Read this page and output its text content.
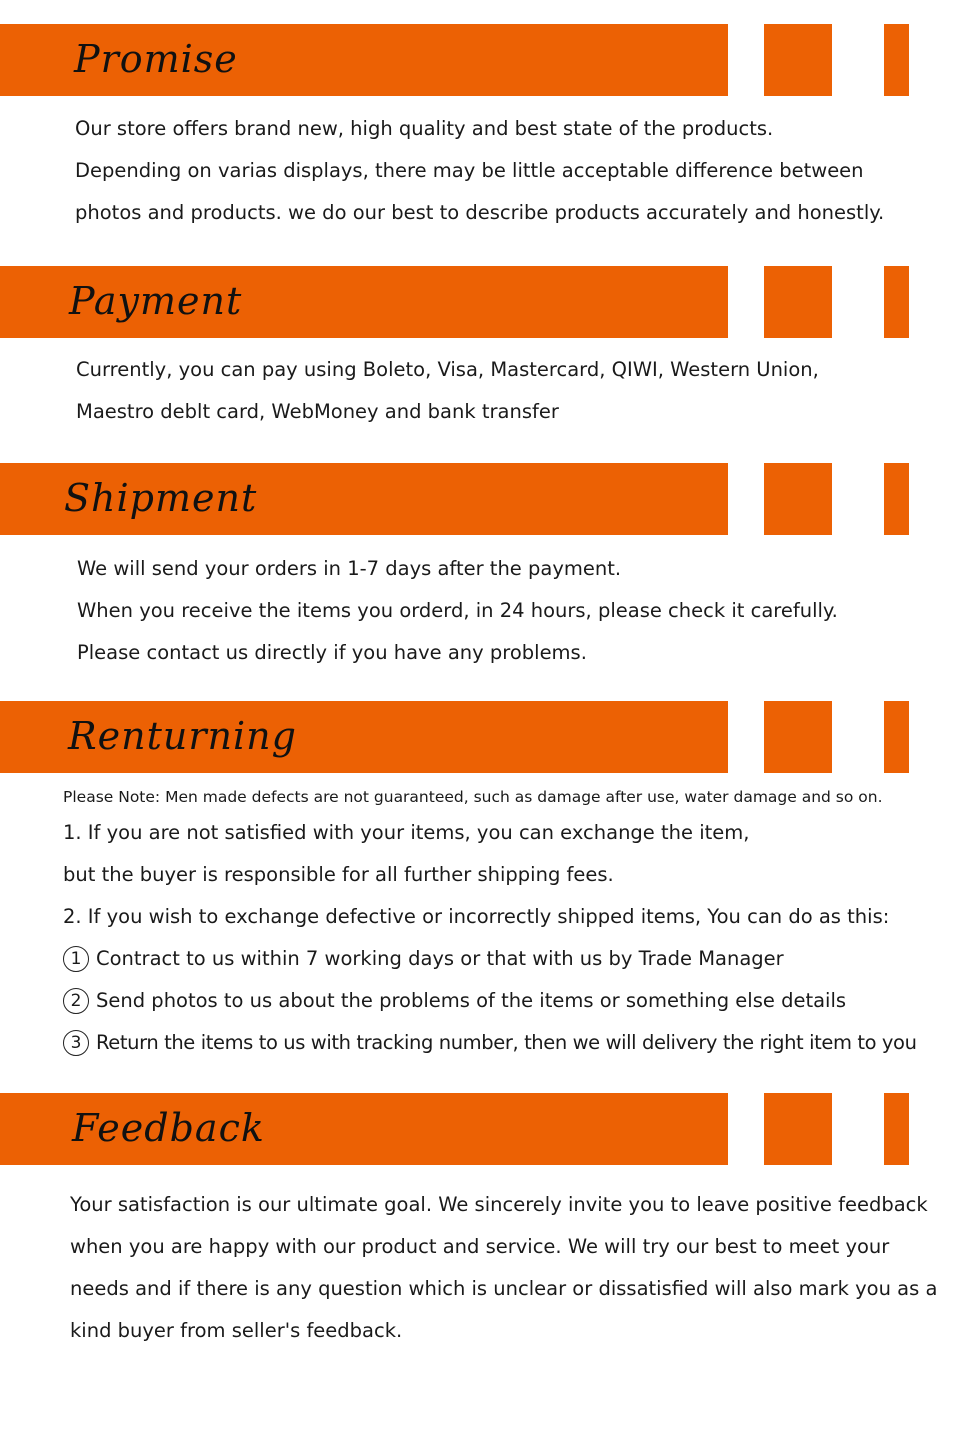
Promise
Our store offers brand new, high quality and best state of the products.
Depending on varias displays, there may be little acceptable difference between
photos and products. we do our best to describe products accurately and honestly.
Payment
Currently, you can pay using Boleto, Visa, Mastercard, QIWI, Western Union,
Maestro deblt card, WebMoney and bank transfer
Shipment
We will send your orders in 1-7 days after the payment.
When you receive the items you orderd, in 24 hours, please check it carefully.
Please contact us directly if you have any problems.
Renturning
Please Note: Men made defects are not guaranteed, such as damage after use, water damage and so on.
1. If you are not satisfied with your items, you can exchange the item,
but the buyer is responsible for all further shipping fees.
2. If you wish to exchange defective or incorrectly shipped items, You can do as this:
1 Contract to us within 7 working days or that with us by Trade Manager
2 Send photos to us about the problems of the items or something else details
3 Return the items to us with tracking number, then we will delivery the right item to you
Feedback
Your satisfaction is our ultimate goal. We sincerely invite you to leave positive feedback
when you are happy with our product and service. We will try our best to meet your
needs and if there is any question which is unclear or dissatisfied will also mark you as a
kind buyer from seller's feedback.
